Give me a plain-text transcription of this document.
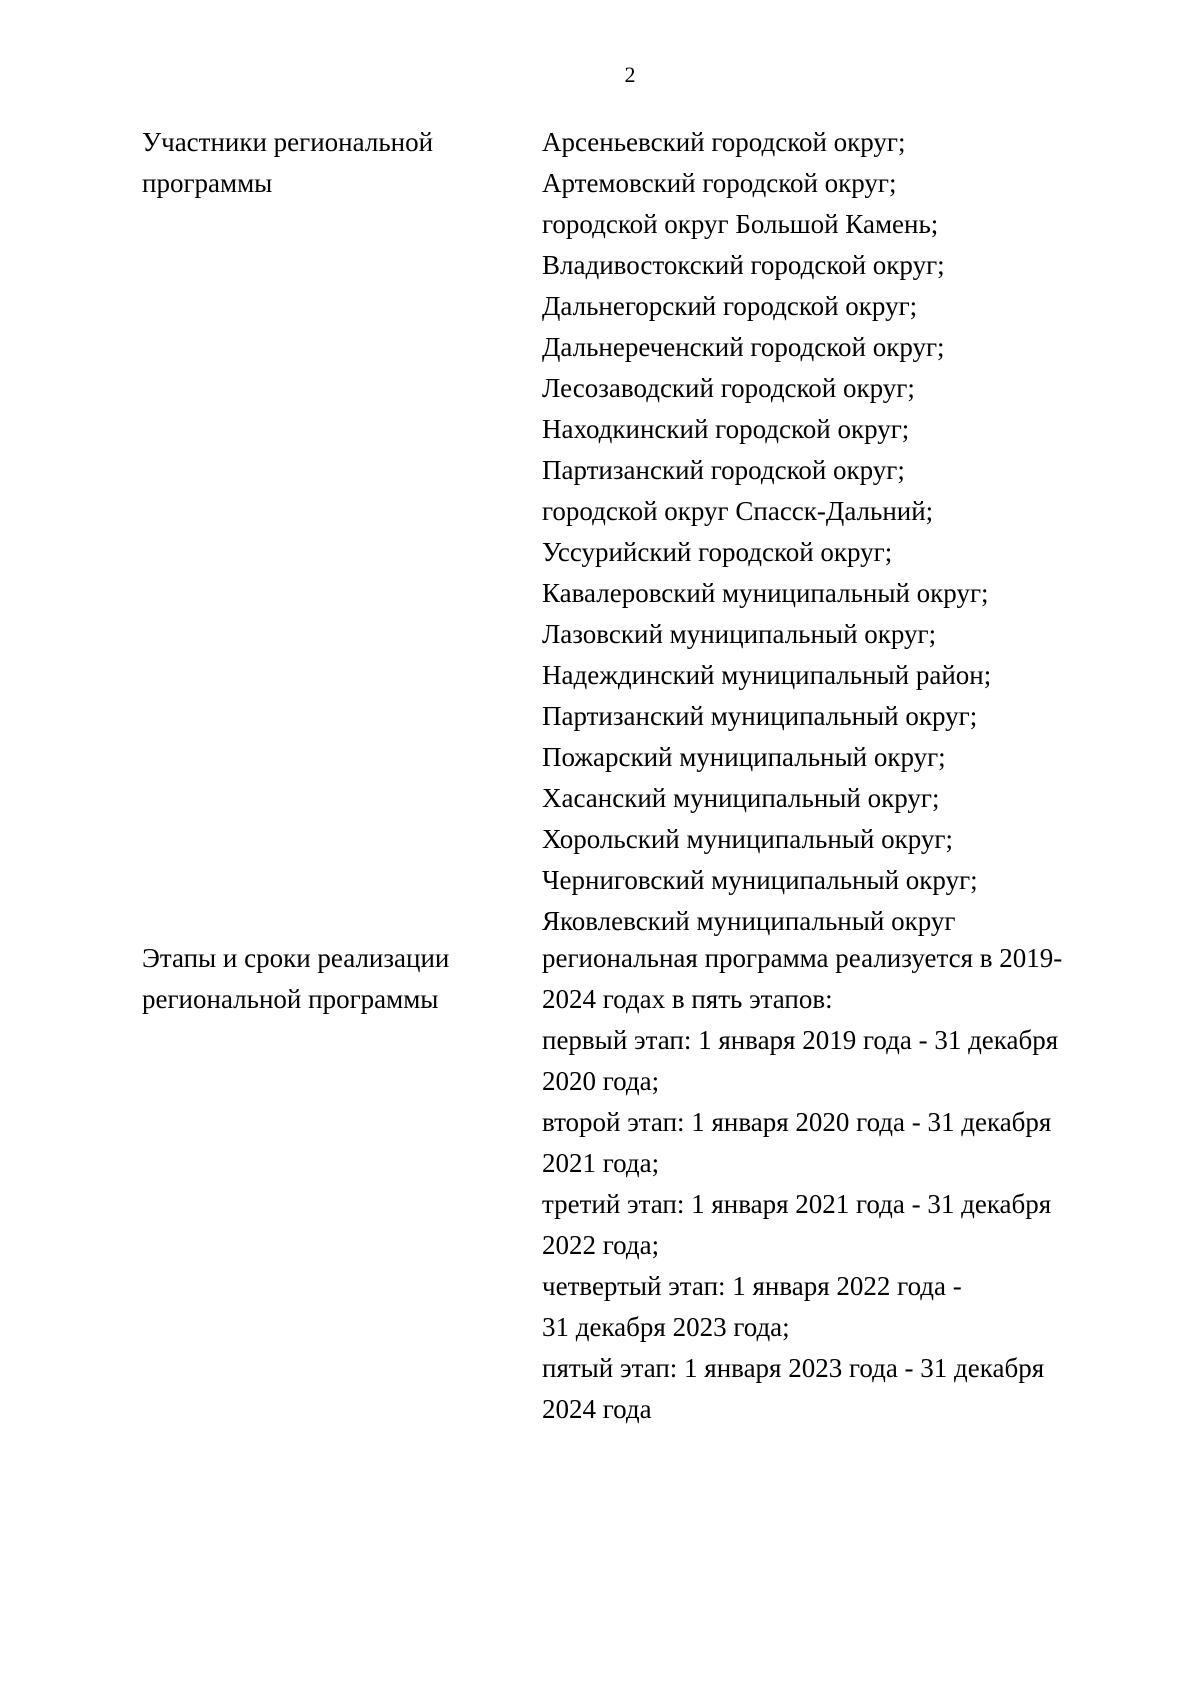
2
Участники региональной
программы
Арсеньевский городской округ;
Артемовский городской округ;
городской округ Большой Камень;
Владивостокский городской округ;
Дальнегорский городской округ;
Дальнереченский городской округ;
Лесозаводский городской округ;
Находкинский городской округ;
Партизанский городской округ;
городской округ Спасск-Дальний;
Уссурийский городской округ;
Кавалеровский муниципальный округ;
Лазовский муниципальный округ;
Надеждинский муниципальный район;
Партизанский муниципальный округ;
Пожарский муниципальный округ;
Хасанский муниципальный округ;
Хорольский муниципальный округ;
Черниговский муниципальный округ;
Яковлевский муниципальный округ
Этапы и сроки реализации
региональной программы
региональная программа реализуется в 2019-
2024 годах в пять этапов:
первый этап: 1 января 2019 года - 31 декабря
2020 года;
второй этап: 1 января 2020 года - 31 декабря
2021 года;
третий этап: 1 января 2021 года - 31 декабря
2022 года;
четвертый этап: 1 января 2022 года -
31 декабря 2023 года;
пятый этап: 1 января 2023 года - 31 декабря
2024 года
